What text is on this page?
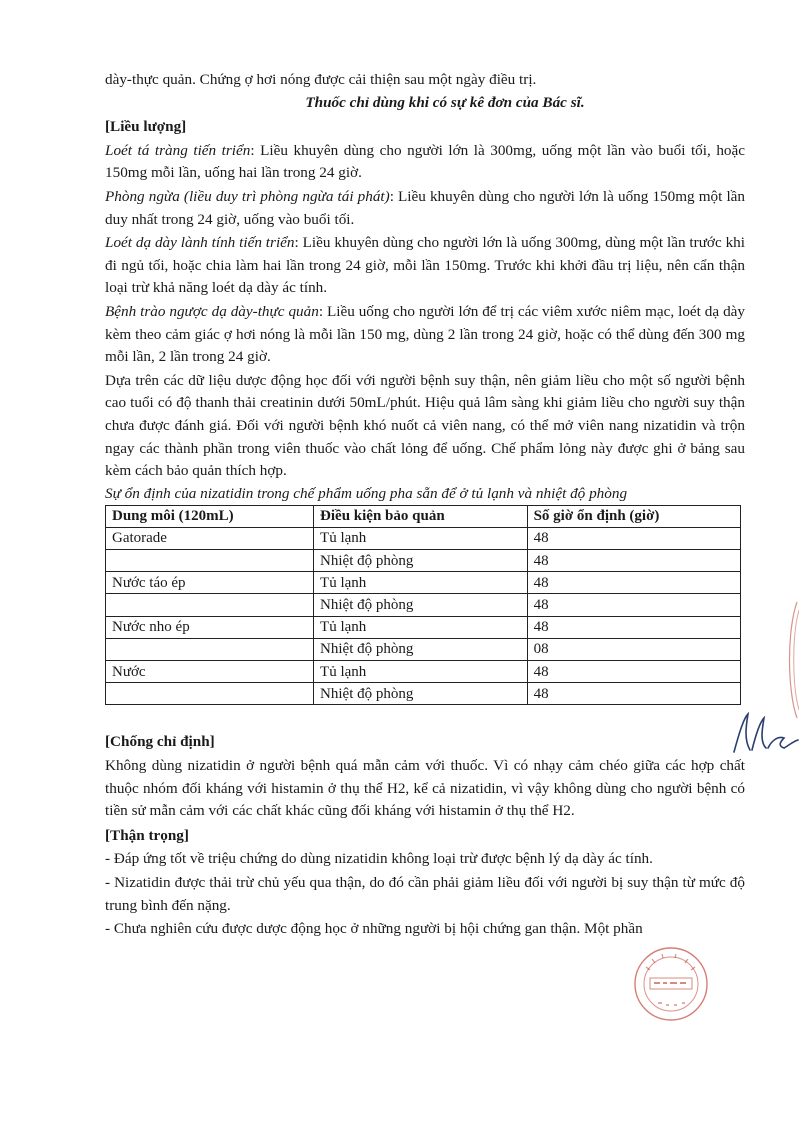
dày-thực quản. Chứng ợ hơi nóng được cải thiện sau một ngày điều trị.

Thuốc chỉ dùng khi có sự kê đơn của Bác sĩ.

[Liều lượng]

Loét tá tràng tiến triển: Liều khuyên dùng cho người lớn là 300mg, uống một lần vào buổi tối, hoặc 150mg mỗi lần, uống hai lần trong 24 giờ.

Phòng ngừa (liều duy trì phòng ngừa tái phát): Liều khuyên dùng cho người lớn là uống 150mg một lần duy nhất trong 24 giờ, uống vào buổi tối.

Loét dạ dày lành tính tiến triển: Liều khuyên dùng cho người lớn là uống 300mg, dùng một lần trước khi đi ngủ tối, hoặc chia làm hai lần trong 24 giờ, mỗi lần 150mg. Trước khi khởi đầu trị liệu, nên cẩn thận loại trừ khả năng loét dạ dày ác tính.

Bệnh trào ngược dạ dày-thực quản: Liều uống cho người lớn để trị các viêm xước niêm mạc, loét dạ dày kèm theo cảm giác ợ hơi nóng là mỗi lần 150 mg, dùng 2 lần trong 24 giờ, hoặc có thể dùng đến 300 mg mỗi lần, 2 lần trong 24 giờ.

Dựa trên các dữ liệu dược động học đối với người bệnh suy thận, nên giảm liều cho một số người bệnh cao tuổi có độ thanh thải creatinin dưới 50mL/phút. Hiệu quả lâm sàng khi giảm liều cho người suy thận chưa được đánh giá. Đối với người bệnh khó nuốt cả viên nang, có thể mở viên nang nizatidin và trộn ngay các thành phần trong viên thuốc vào chất lỏng để uống. Chế phẩm lỏng này được ghi ở bảng sau kèm cách bảo quản thích hợp.

Sự ổn định của nizatidin trong chế phẩm uống pha sẵn để ở tủ lạnh và nhiệt độ phòng

Dung môi (120mL)	Điều kiện bảo quản	Số giờ ổn định (giờ)
Gatorade	Tủ lạnh	48
	Nhiệt độ phòng	48
Nước táo ép	Tủ lạnh	48
	Nhiệt độ phòng	48
Nước nho ép	Tủ lạnh	48
	Nhiệt độ phòng	08
Nước	Tủ lạnh	48
	Nhiệt độ phòng	48

[Chống chỉ định]

Không dùng nizatidin ở người bệnh quá mẫn cảm với thuốc. Vì có nhạy cảm chéo giữa các hợp chất thuộc nhóm đối kháng với histamin ở thụ thể H2, kể cả nizatidin, vì vậy không dùng cho người bệnh có tiền sử mẫn cảm với các chất khác cũng đối kháng với histamin ở thụ thể H2.

[Thận trọng]

- Đáp ứng tốt về triệu chứng do dùng nizatidin không loại trừ được bệnh lý dạ dày ác tính.

- Nizatidin được thải trừ chủ yếu qua thận, do đó cần phải giảm liều đối với người bị suy thận từ mức độ trung bình đến nặng.

- Chưa nghiên cứu được dược động học ở những người bị hội chứng gan thận. Một phần
